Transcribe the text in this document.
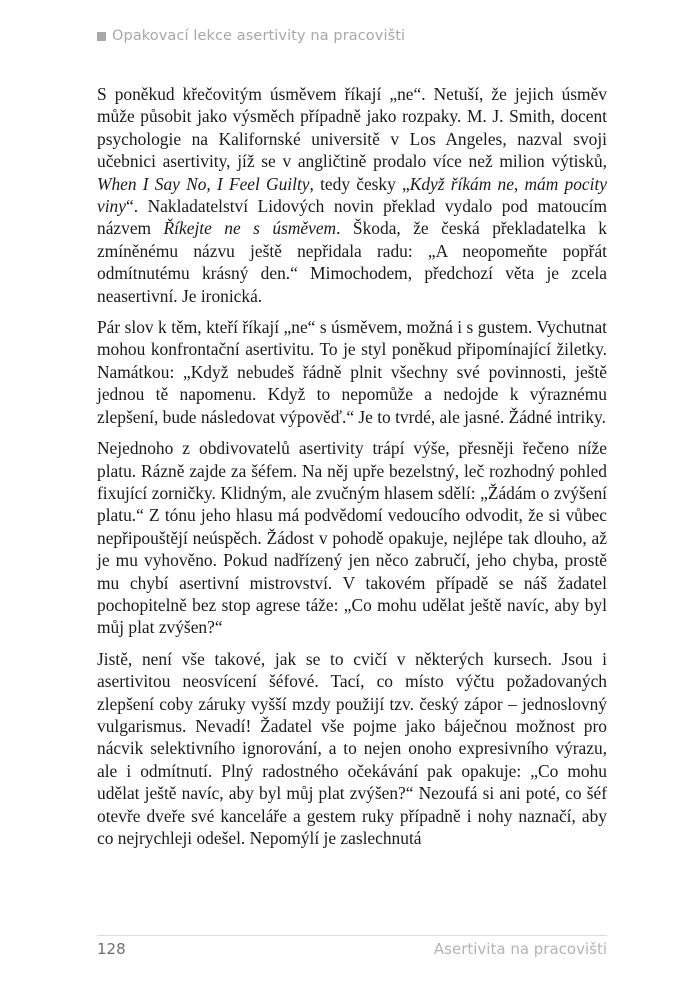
Opakovací lekce asertivity na pracovišti

S poněkud křečovitým úsměvem říkají „ne“. Netuší, že jejich úsměv může působit jako výsměch případně jako rozpaky. M. J. Smith, docent psychologie na Kalifornské universitě v Los Angeles, nazval svoji učebnici asertivity, jíž se v angličtině prodalo více než milion výtisků, When I Say No, I Feel Guilty, tedy česky „Když říkám ne, mám pocity viny“. Nakladatelství Lidových novin překlad vydalo pod matoucím názvem Říkejte ne s úsměvem. Škoda, že česká překladatelka k zmíněnému názvu ještě nepřidala radu: „A neopomeňte popřát odmítnutému krásný den.“ Mimochodem, předchozí věta je zcela neasertivní. Je ironická.

Pár slov k těm, kteří říkají „ne“ s úsměvem, možná i s gustem. Vychutnat mohou konfrontační asertivitu. To je styl poněkud připomínající žiletky. Namátkou: „Když nebudeš řádně plnit všechny své povinnosti, ještě jednou tě napomenu. Když to nepomůže a nedojde k výraznému zlepšení, bude následovat výpověď.“ Je to tvrdé, ale jasné. Žádné intriky.

Nejednoho z obdivovatelů asertivity trápí výše, přesněji řečeno níže platu. Rázně zajde za šéfem. Na něj upře bezelstný, leč rozhodný pohled fixující zorničky. Klidným, ale zvučným hlasem sdělí: „Žádám o zvýšení platu.“ Z tónu jeho hlasu má podvědomí vedoucího odvodit, že si vůbec nepřipouštějí neúspěch. Žádost v pohodě opakuje, nejlépe tak dlouho, až je mu vyhověno. Pokud nadřízený jen něco zabručí, jeho chyba, prostě mu chybí asertivní mistrovství. V takovém případě se náš žadatel pochopitelně bez stop agrese táže: „Co mohu udělat ještě navíc, aby byl můj plat zvýšen?“

Jistě, není vše takové, jak se to cvičí v některých kursech. Jsou i asertivitou neosvícení šéfové. Tací, co místo výčtu požadovaných zlepšení coby záruky vyšší mzdy použijí tzv. český zápor – jednoslovný vulgarismus. Nevadí! Žadatel vše pojme jako báječnou možnost pro nácvik selektivního ignorování, a to nejen onoho expresivního výrazu, ale i odmítnutí. Plný radostného očekávání pak opakuje: „Co mohu udělat ještě navíc, aby byl můj plat zvýšen?“ Nezoufá si ani poté, co šéf otevře dveře své kanceláře a gestem ruky případně i nohy naznačí, aby co nejrychleji odešel. Nepomýlí je zaslechnutá

128	Asertivita na pracovišti
